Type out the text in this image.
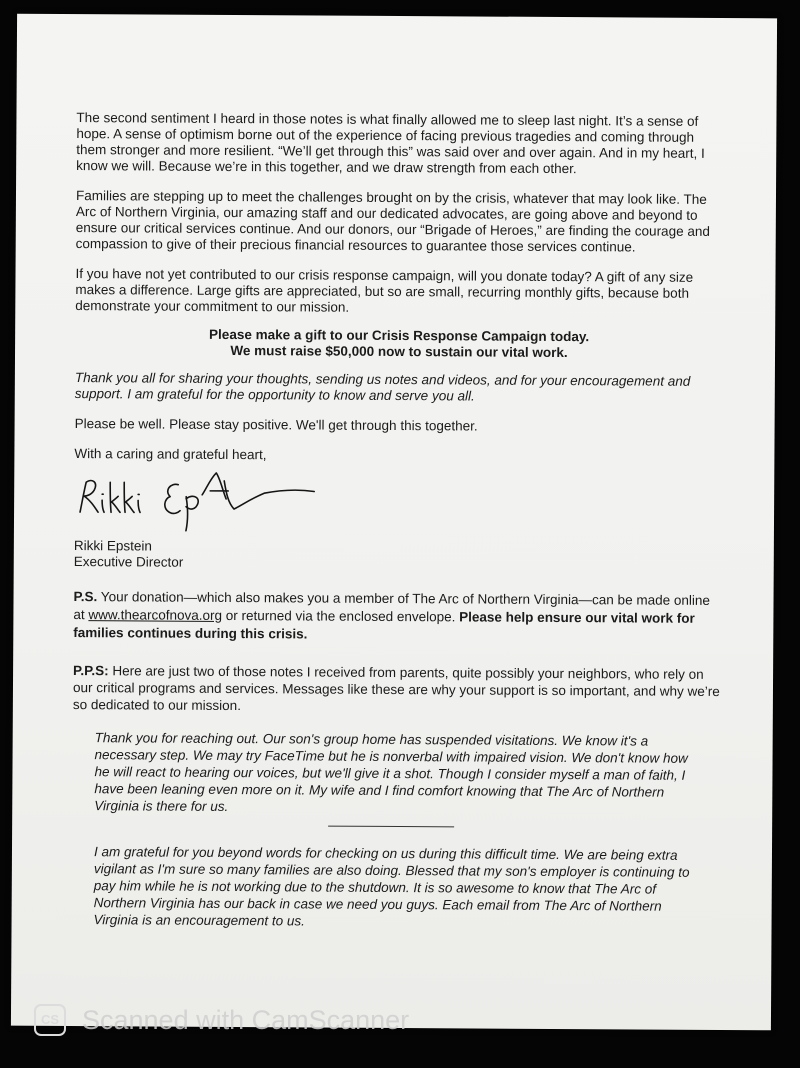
The second sentiment I heard in those notes is what finally allowed me to sleep last night. It’s a sense of hope. A sense of optimism borne out of the experience of facing previous tragedies and coming through them stronger and more resilient. “We’ll get through this” was said over and over again. And in my heart, I know we will. Because we’re in this together, and we draw strength from each other.

Families are stepping up to meet the challenges brought on by the crisis, whatever that may look like. The Arc of Northern Virginia, our amazing staff and our dedicated advocates, are going above and beyond to ensure our critical services continue. And our donors, our “Brigade of Heroes,” are finding the courage and compassion to give of their precious financial resources to guarantee those services continue.

If you have not yet contributed to our crisis response campaign, will you donate today? A gift of any size makes a difference. Large gifts are appreciated, but so are small, recurring monthly gifts, because both demonstrate your commitment to our mission.

Please make a gift to our Crisis Response Campaign today.
We must raise $50,000 now to sustain our vital work.

Thank you all for sharing your thoughts, sending us notes and videos, and for your encouragement and support. I am grateful for the opportunity to know and serve you all.

Please be well. Please stay positive. We'll get through this together.

With a caring and grateful heart,

Rikki Epstein
Executive Director

P.S. Your donation—which also makes you a member of The Arc of Northern Virginia—can be made online at www.thearcofnova.org or returned via the enclosed envelope. Please help ensure our vital work for families continues during this crisis.

P.P.S: Here are just two of those notes I received from parents, quite possibly your neighbors, who rely on our critical programs and services. Messages like these are why your support is so important, and why we’re so dedicated to our mission.

Thank you for reaching out. Our son's group home has suspended visitations. We know it's a necessary step. We may try FaceTime but he is nonverbal with impaired vision. We don't know how he will react to hearing our voices, but we'll give it a shot. Though I consider myself a man of faith, I have been leaning even more on it. My wife and I find comfort knowing that The Arc of Northern Virginia is there for us.

I am grateful for you beyond words for checking on us during this difficult time. We are being extra vigilant as I'm sure so many families are also doing. Blessed that my son's employer is continuing to pay him while he is not working due to the shutdown. It is so awesome to know that The Arc of Northern Virginia has our back in case we need you guys. Each email from The Arc of Northern Virginia is an encouragement to us.

CS Scanned with CamScanner
